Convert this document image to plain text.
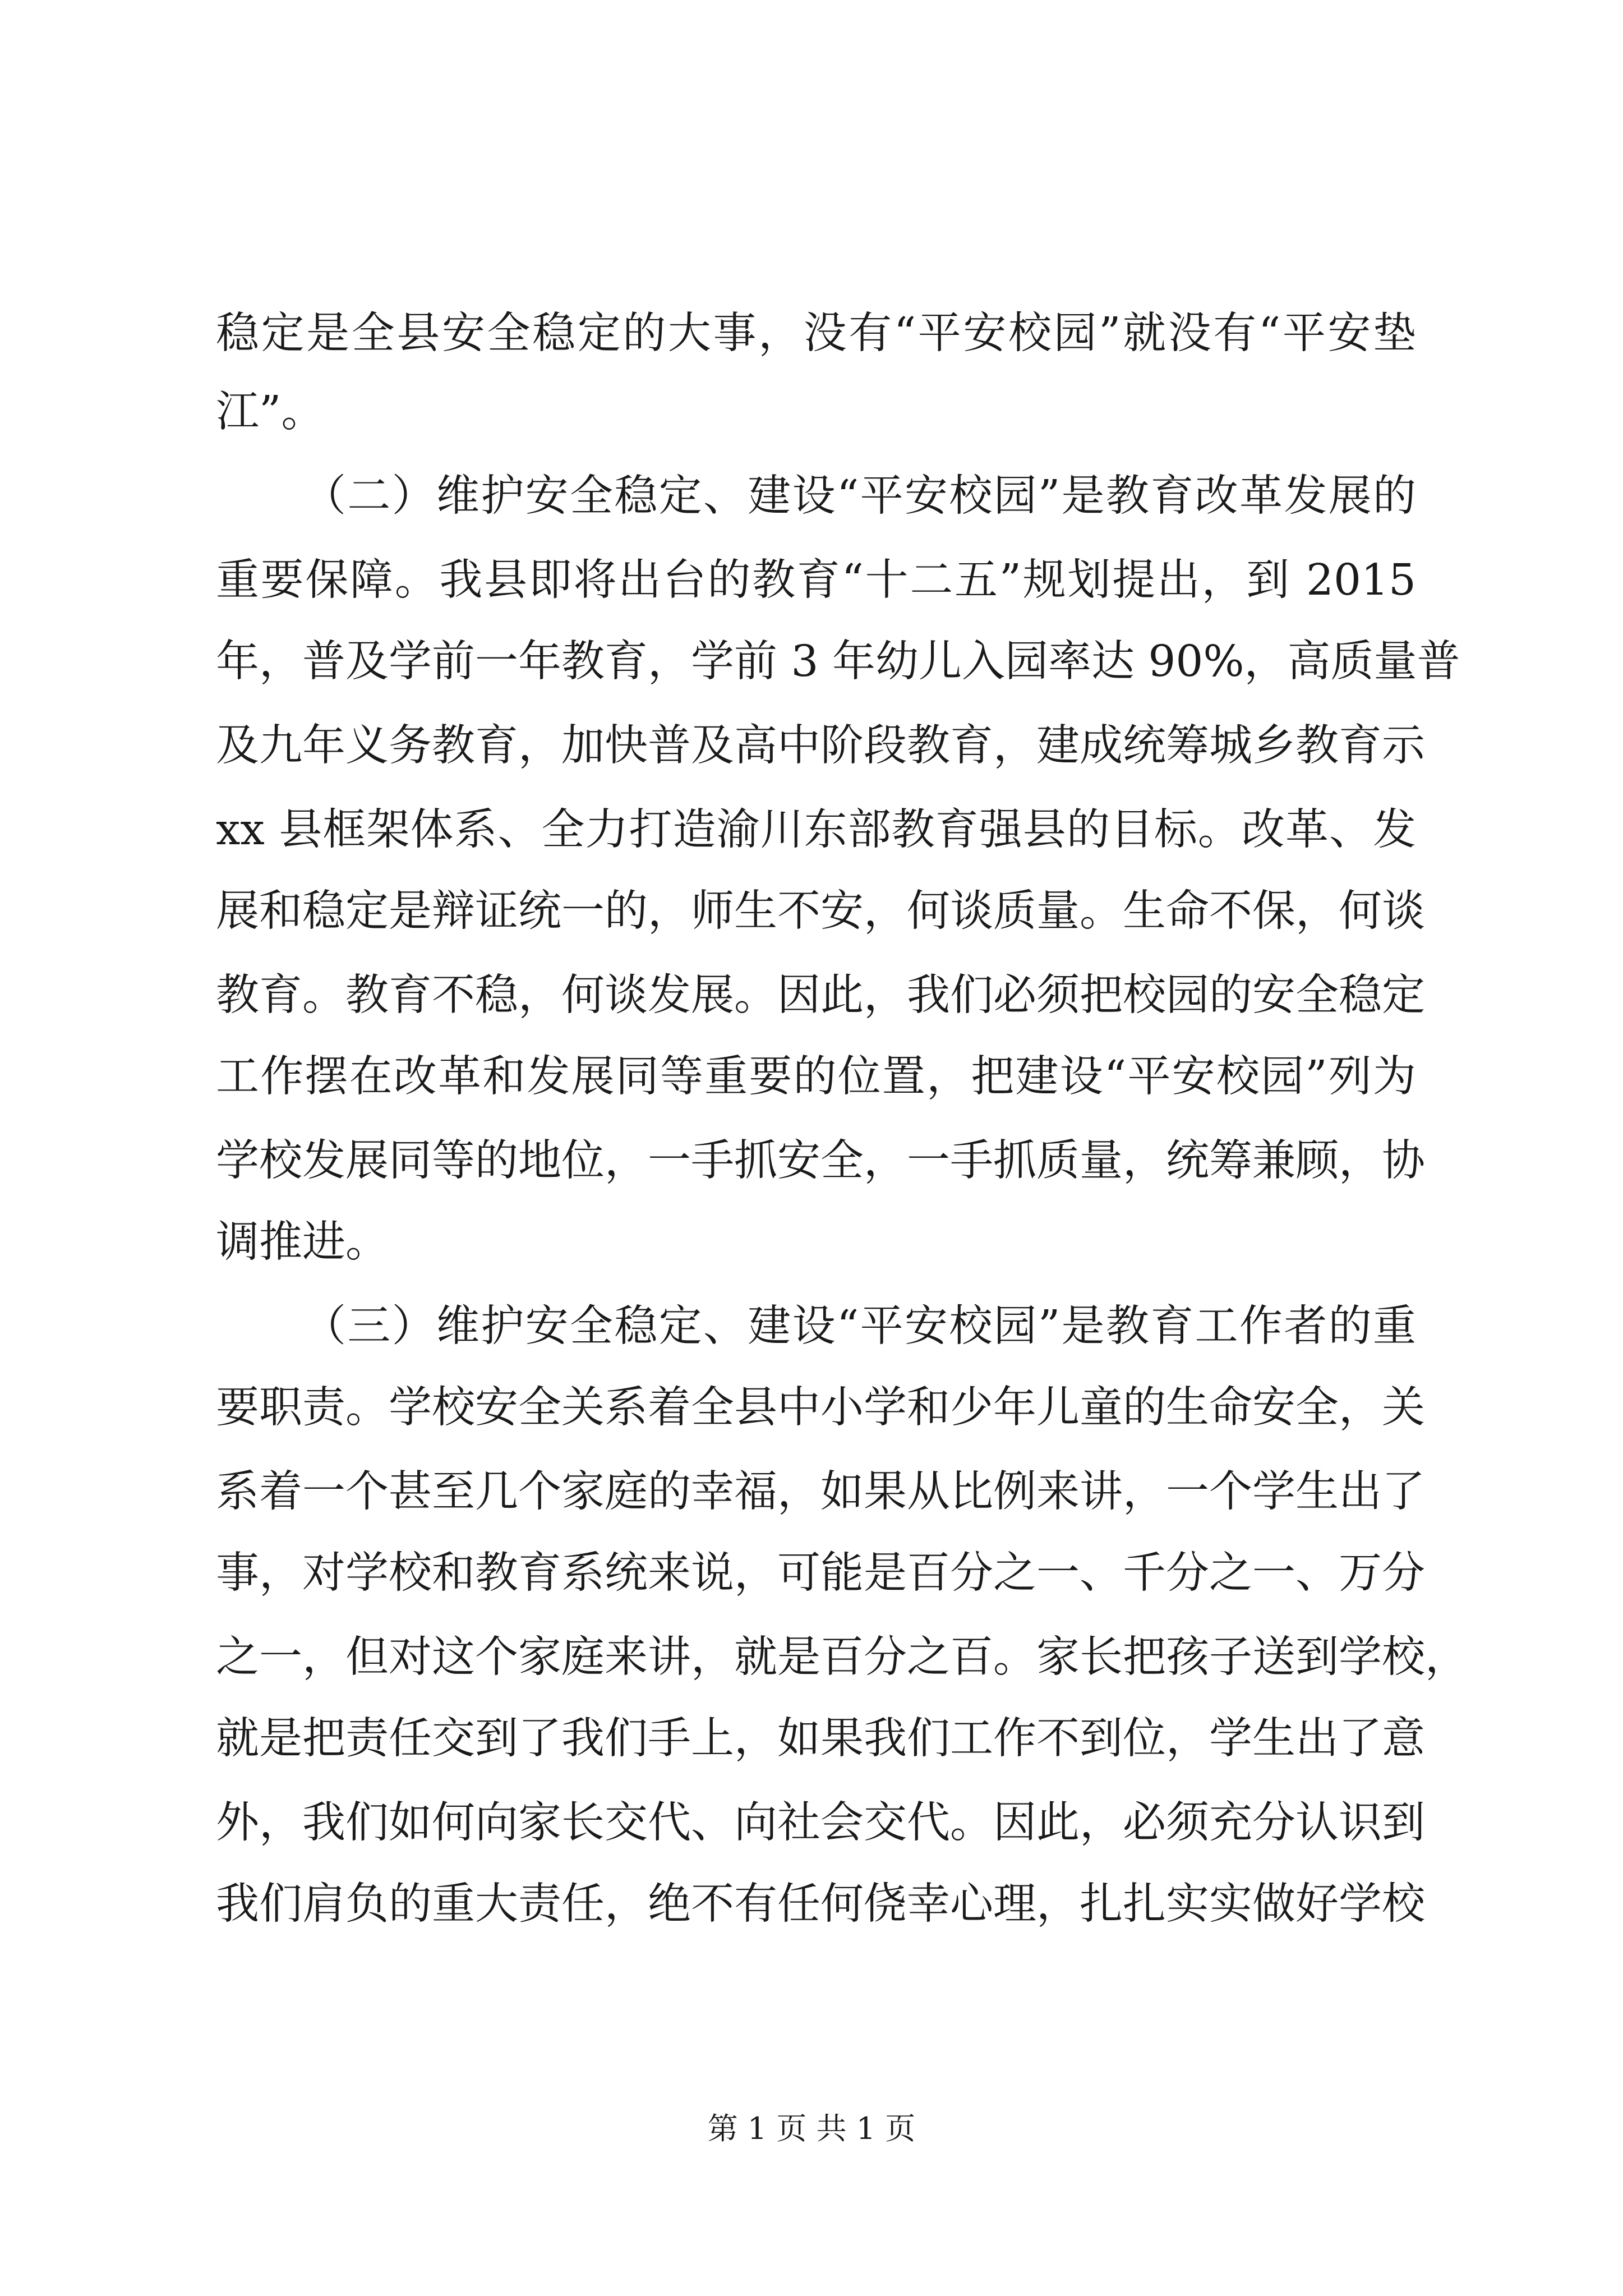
稳定是全县安全稳定的大事，没有“平安校园”就没有“平安垫
江”。
（二）维护安全稳定、建设“平安校园”是教育改革发展的
重要保障。我县即将出台的教育“十二五”规划提出，到 2015
年，普及学前一年教育，学前 3 年幼儿入园率达 90%，高质量普
及九年义务教育，加快普及高中阶段教育，建成统筹城乡教育示
xx 县框架体系、全力打造渝川东部教育强县的目标。改革、发
展和稳定是辩证统一的，师生不安，何谈质量。生命不保，何谈
教育。教育不稳，何谈发展。因此，我们必须把校园的安全稳定
工作摆在改革和发展同等重要的位置，把建设“平安校园”列为
学校发展同等的地位，一手抓安全，一手抓质量，统筹兼顾，协
调推进。
（三）维护安全稳定、建设“平安校园”是教育工作者的重
要职责。学校安全关系着全县中小学和少年儿童的生命安全，关
系着一个甚至几个家庭的幸福，如果从比例来讲，一个学生出了
事，对学校和教育系统来说，可能是百分之一、千分之一、万分
之一，但对这个家庭来讲，就是百分之百。家长把孩子送到学校，
就是把责任交到了我们手上，如果我们工作不到位，学生出了意
外，我们如何向家长交代、向社会交代。因此，必须充分认识到
我们肩负的重大责任，绝不有任何侥幸心理，扎扎实实做好学校
第 1 页 共 1 页
